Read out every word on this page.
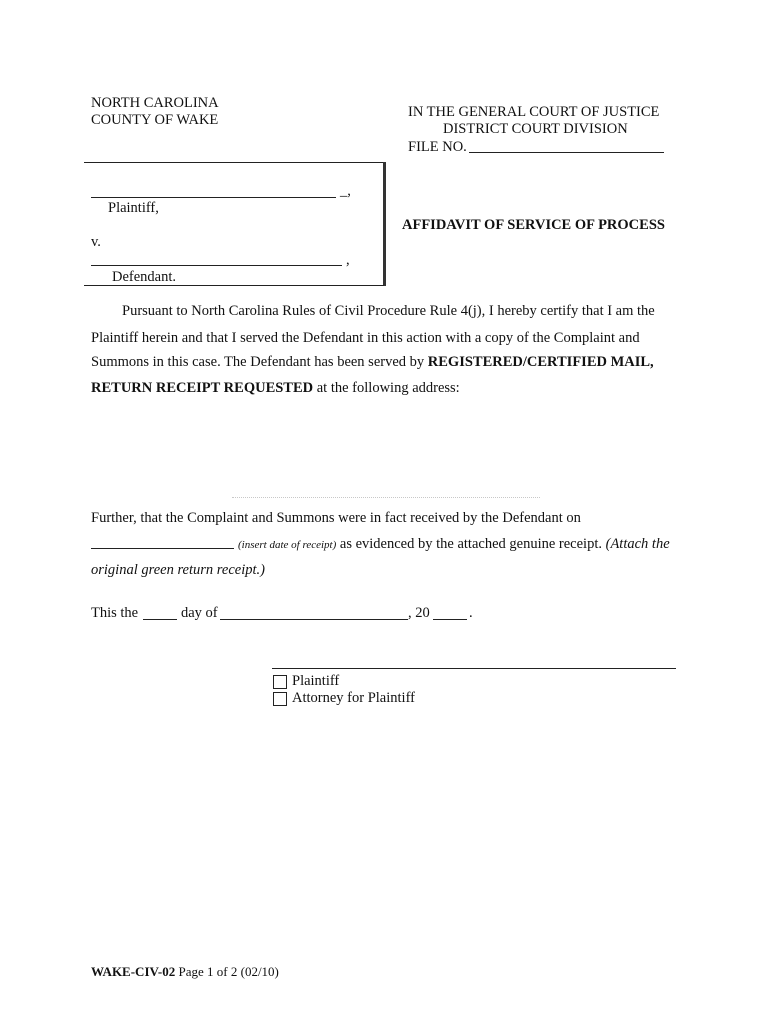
NORTH CAROLINA
COUNTY OF WAKE	IN THE GENERAL COURT OF JUSTICE
DISTRICT COURT DIVISION
FILE NO.
_,
Plaintiff,
v.
,
Defendant.
AFFIDAVIT OF SERVICE OF PROCESS
Pursuant to North Carolina Rules of Civil Procedure Rule 4(j), I hereby certify that I am the
Plaintiff herein and that I served the Defendant in this action with a copy of the Complaint and
Summons in this case. The Defendant has been served by REGISTERED/CERTIFIED MAIL,
RETURN RECEIPT REQUESTED at the following address:
Further, that the Complaint and Summons were in fact received by the Defendant on
(insert date of receipt) as evidenced by the attached genuine receipt. (Attach the
original green return receipt.)
This the	day of	, 20	.
Plaintiff
Attorney for Plaintiff
WAKE-CIV-02 Page 1 of 2 (02/10)
